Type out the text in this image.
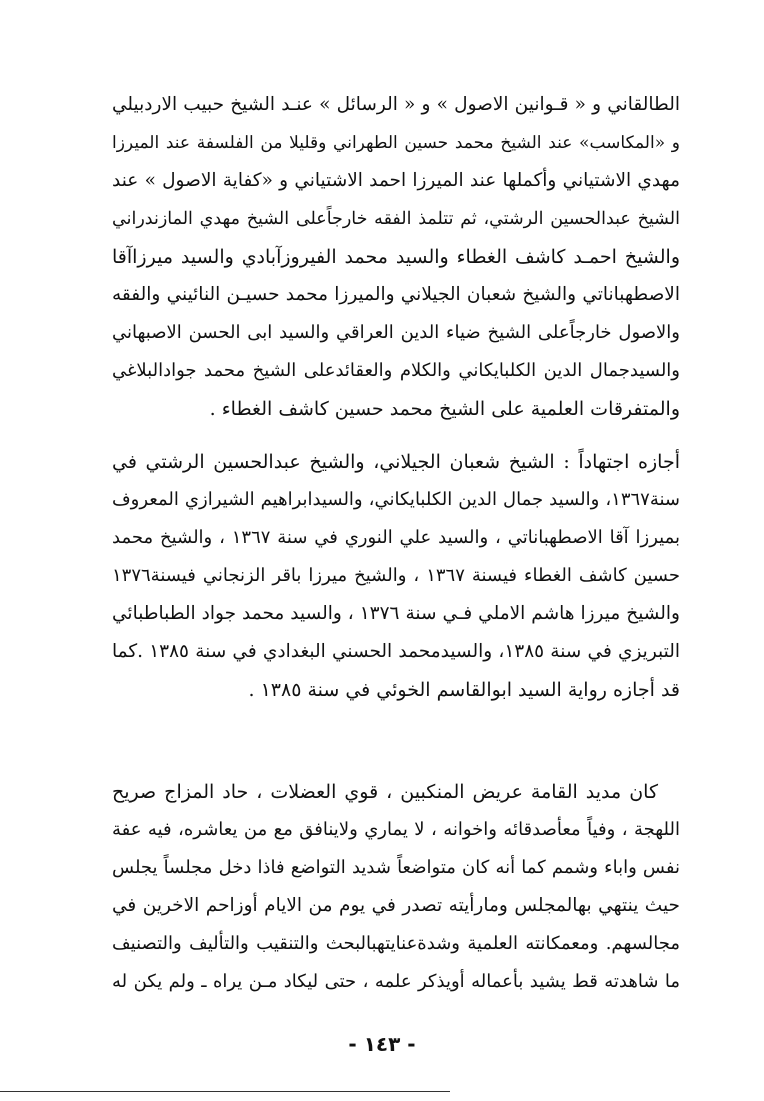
الطالقاني و « قـوانين الاصول » و « الرسائل » عنـد الشيخ حبيب الاردبيلي
و «المكاسب» عند الشيخ محمد حسين الطهراني وقليلا من الفلسفة عند الميرزا
مهدي الاشتياني وأكملها عند الميرزا احمد الاشتياني و «كفاية الاصول » عند
الشيخ عبدالحسين الرشتي، ثم تتلمذ الفقه خارجاًعلى الشيخ مهدي المازندراني
والشيخ احمـد كاشف الغطاء والسيد محمد الفيروزآبادي والسيد ميرزاآقا
الاصطهباناتي والشيخ شعبان الجيلاني والميرزا محمد حسيـن النائيني والفقه
والاصول خارجاًعلى الشيخ ضياء الدين العراقي والسيد ابى الحسن الاصبهاني
والسيدجمال الدين الكلبايكاني والكلام والعقائدعلى الشيخ محمد جوادالبلاغي
والمتفرقات العلمية على الشيخ محمد حسين كاشف الغطاء .
أجازه اجتهاداً : الشيخ شعبان الجيلاني، والشيخ عبدالحسين الرشتي في
سنة١٣٦٧، والسيد جمال الدين الكلبايكاني، والسيدابراهيم الشيرازي المعروف
بميرزا آقا الاصطهباناتي ، والسيد علي النوري في سنة ١٣٦٧ ، والشيخ محمد
حسين كاشف الغطاء فيسنة ١٣٦٧ ، والشيخ ميرزا باقر الزنجاني فيسنة١٣٧٦
والشيخ ميرزا هاشم الاملي فـي سنة ١٣٧٦ ، والسيد محمد جواد الطباطبائي
التبريزي في سنة ١٣٨٥، والسيدمحمد الحسني البغدادي في سنة ١٣٨٥ .كما
قد أجازه رواية السيد ابوالقاسم الخوئي في سنة ١٣٨٥ .
كان مديد القامة عريض المنكبين ، قوي العضلات ، حاد المزاج صريح
اللهجة ، وفياً معأصدقائه واخوانه ، لا يماري ولاينافق مع من يعاشره، فيه عفة
نفس واباء وشمم كما أنه كان متواضعاً شديد التواضع فاذا دخل مجلساً يجلس
حيث ينتهي بهالمجلس ومارأيته تصدر في يوم من الايام أوزاحم الاخرين في
مجالسهم. ومعمكانته العلمية وشدةعنايتهبالبحث والتنقيب والتأليف والتصنيف
ما شاهدته قط يشيد بأعماله أويذكر علمه ، حتى ليكاد مـن يراه ـ ولم يكن له
- ١٤٣ -
